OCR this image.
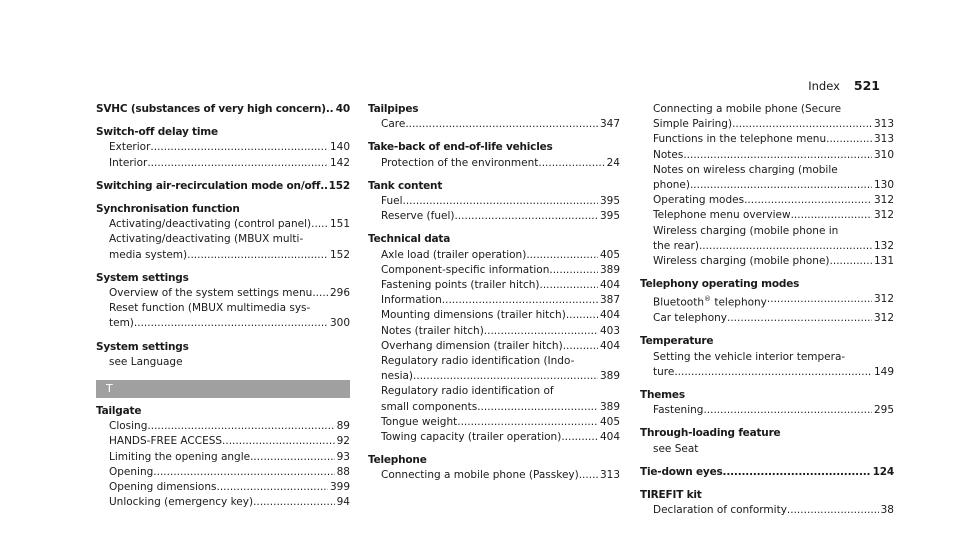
Index 521
SVHC (substances of very high concern) ..... 40
Switch-off delay time
Exterior .....	140
Interior .....	142
Switching air-recirculation mode on/off ..... 152
Synchronisation function
Activating/deactivating (control panel) ..... 151
Activating/deactivating (MBUX multi-
media system) .....	152
System settings
Overview of the system settings menu ..... 296
Reset function (MBUX multimedia sys-
tem) .....	300
System settings
see Language
T
Tailgate
Closing .....	89
HANDS-FREE ACCESS .....	92
Limiting the opening angle .....	93
Opening .....	88
Opening dimensions .....	399
Unlocking (emergency key) .....	94
Tailpipes
Care .....	347
Take-back of end-of-life vehicles
Protection of the environment .....	24
Tank content
Fuel .....	395
Reserve (fuel) .....	395
Technical data
Axle load (trailer operation) .....	405
Component-specific information .....	389
Fastening points (trailer hitch) .....	404
Information .....	387
Mounting dimensions (trailer hitch) .....	404
Notes (trailer hitch) .....	403
Overhang dimension (trailer hitch) .....	404
Regulatory radio identification (Indo-
nesia) .....	389
Regulatory radio identification of
small components .....	389
Tongue weight .....	405
Towing capacity (trailer operation) .....	404
Telephone
Connecting a mobile phone (Passkey) ..... 313
Connecting a mobile phone (Secure
Simple Pairing) .....	313
Functions in the telephone menu .....	313
Notes .....	310
Notes on wireless charging (mobile
phone) .....	130
Operating modes .....	312
Telephone menu overview .....	312
Wireless charging (mobile phone in
the rear) .....	132
Wireless charging (mobile phone) .....	131
Telephony operating modes
Bluetooth® telephony .....	312
Car telephony .....	312
Temperature
Setting the vehicle interior tempera-
ture .....	149
Themes
Fastening .....	295
Through-loading feature
see Seat
Tie-down eyes .....	124
TIREFIT kit
Declaration of conformity .....	38
